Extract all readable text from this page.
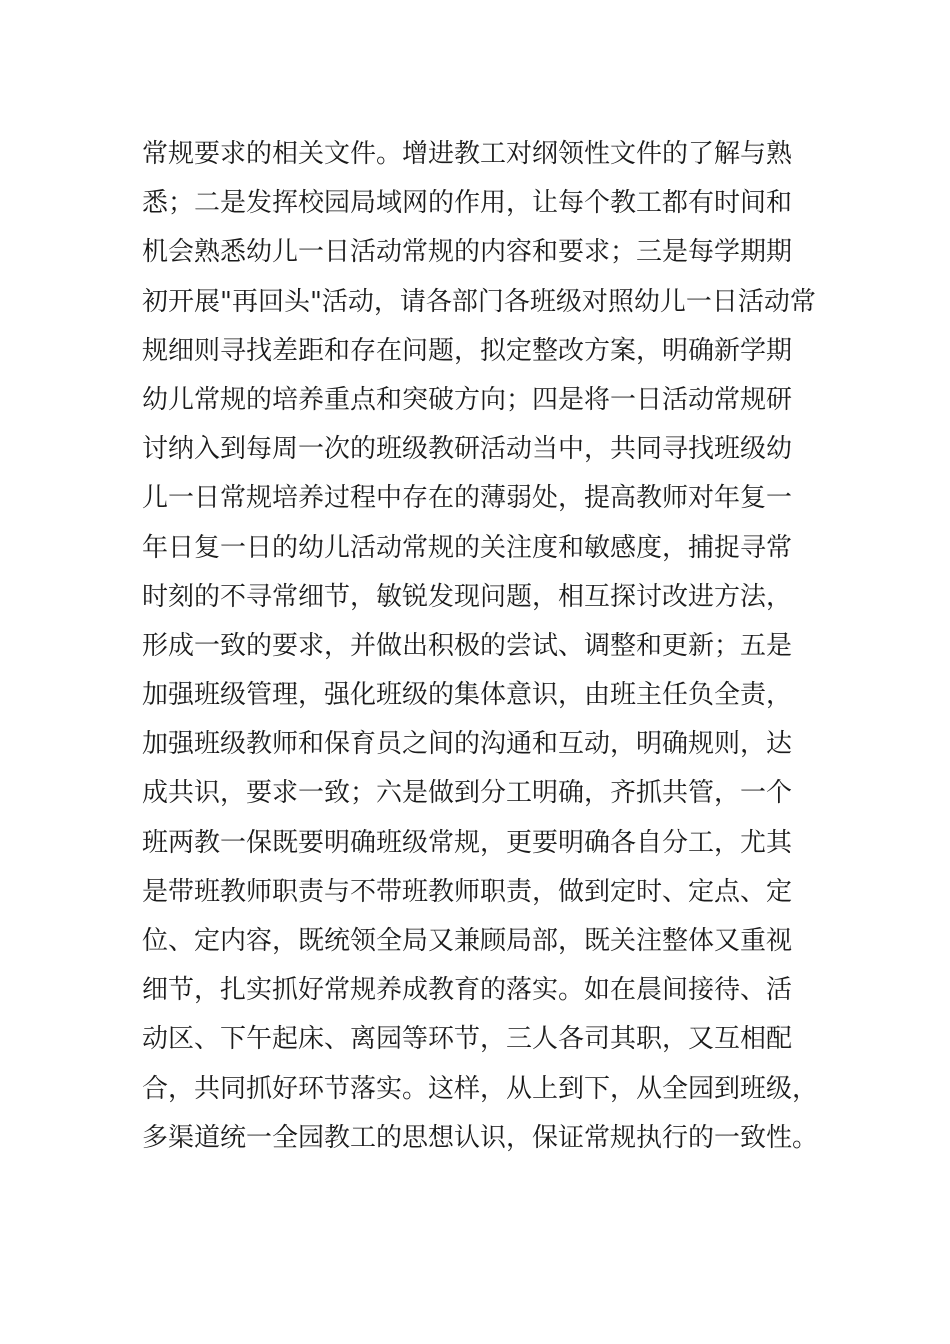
常规要求的相关文件。增进教工对纲领性文件的了解与熟
悉；二是发挥校园局域网的作用，让每个教工都有时间和
机会熟悉幼儿一日活动常规的内容和要求；三是每学期期
初开展"再回头"活动，请各部门各班级对照幼儿一日活动常
规细则寻找差距和存在问题，拟定整改方案，明确新学期
幼儿常规的培养重点和突破方向；四是将一日活动常规研
讨纳入到每周一次的班级教研活动当中，共同寻找班级幼
儿一日常规培养过程中存在的薄弱处，提高教师对年复一
年日复一日的幼儿活动常规的关注度和敏感度，捕捉寻常
时刻的不寻常细节，敏锐发现问题，相互探讨改进方法，
形成一致的要求，并做出积极的尝试、调整和更新；五是
加强班级管理，强化班级的集体意识，由班主任负全责，
加强班级教师和保育员之间的沟通和互动，明确规则，达
成共识，要求一致；六是做到分工明确，齐抓共管，一个
班两教一保既要明确班级常规，更要明确各自分工，尤其
是带班教师职责与不带班教师职责，做到定时、定点、定
位、定内容，既统领全局又兼顾局部，既关注整体又重视
细节，扎实抓好常规养成教育的落实。如在晨间接待、活
动区、下午起床、离园等环节，三人各司其职，又互相配
合，共同抓好环节落实。这样，从上到下，从全园到班级，
多渠道统一全园教工的思想认识，保证常规执行的一致性。
